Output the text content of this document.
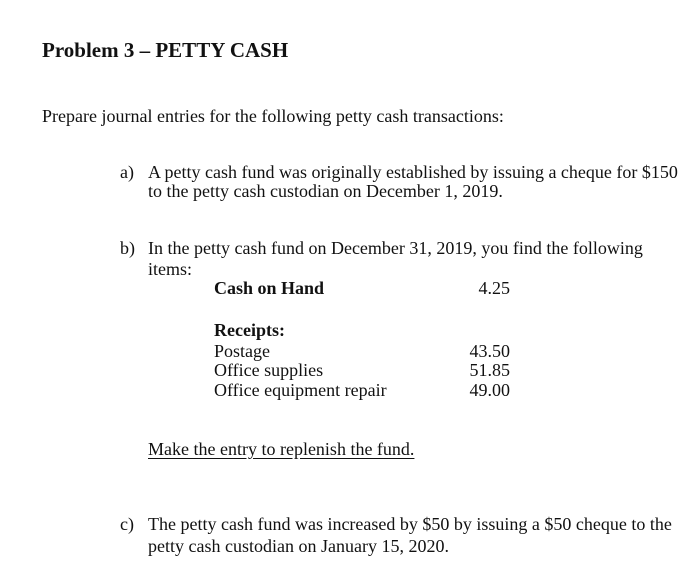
Problem 3 – PETTY CASH
Prepare journal entries for the following petty cash transactions:
a) A petty cash fund was originally established by issuing a cheque for $150
to the petty cash custodian on December 1, 2019.
b) In the petty cash fund on December 31, 2019, you find the following
items:
Cash on Hand	4.25
Receipts:
Postage	43.50
Office supplies	51.85
Office equipment repair	49.00
Make the entry to replenish the fund.
c) The petty cash fund was increased by $50 by issuing a $50 cheque to the
petty cash custodian on January 15, 2020.
